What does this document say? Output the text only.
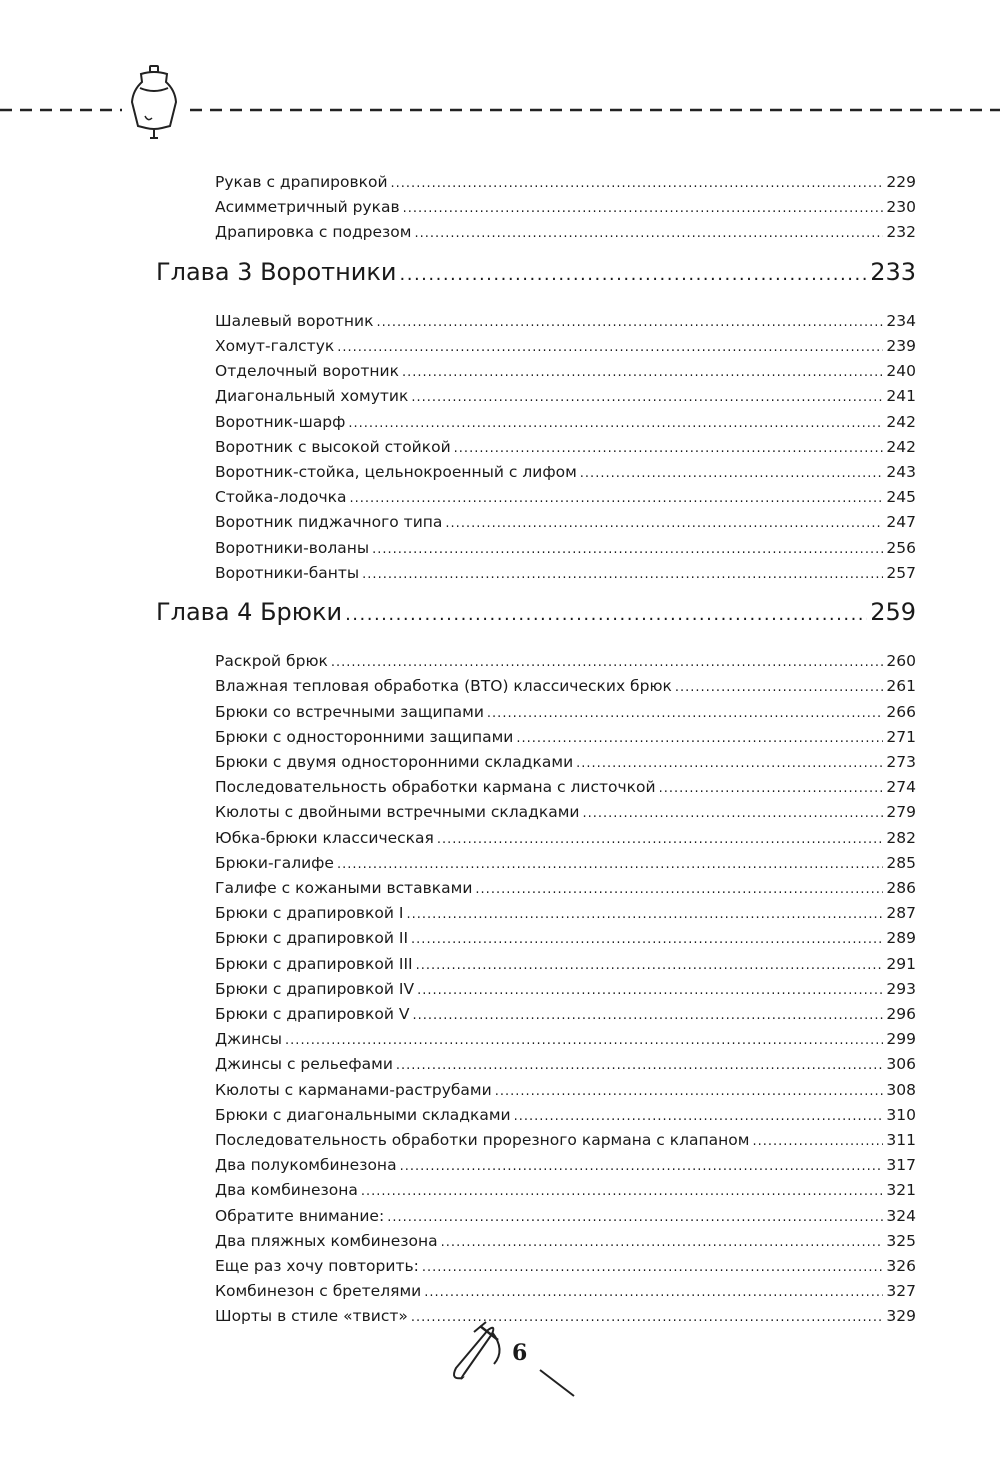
Рукав с драпировкой .....	229
Асимметричный рукав .....	230
Драпировка с подрезом .....	232
Глава 3 Воротники .....	233
Шалевый воротник .....	234
Хомут-галстук .....	239
Отделочный воротник .....	240
Диагональный хомутик .....	241
Воротник-шарф .....	242
Воротник с высокой стойкой .....	242
Воротник-стойка, цельнокроенный с лифом .....	243
Стойка-лодочка .....	245
Воротник пиджачного типа .....	247
Воротники-воланы .....	256
Воротники-банты .....	257
Глава 4 Брюки .....	259
Раскрой брюк .....	260
Влажная тепловая обработка (ВТО) классических брюк .....	261
Брюки со встречными защипами .....	266
Брюки с односторонними защипами .....	271
Брюки с двумя односторонними складками .....	273
Последовательность обработки кармана с листочкой .....	274
Кюлоты с двойными встречными складками .....	279
Юбка-брюки классическая .....	282
Брюки-галифе .....	285
Галифе с кожаными вставками .....	286
Брюки с драпировкой I .....	287
Брюки с драпировкой II .....	289
Брюки с драпировкой III .....	291
Брюки с драпировкой IV .....	293
Брюки с драпировкой V .....	296
Джинсы .....	299
Джинсы с рельефами .....	306
Кюлоты с карманами-раструбами .....	308
Брюки с диагональными складками .....	310
Последовательность обработки прорезного кармана с клапаном .....	311
Два полукомбинезона .....	317
Два комбинезона .....	321
Обратите внимание: .....	324
Два пляжных комбинезона .....	325
Еще раз хочу повторить: .....	326
Комбинезон с бретелями .....	327
Шорты в стиле «твист» .....	329
6
